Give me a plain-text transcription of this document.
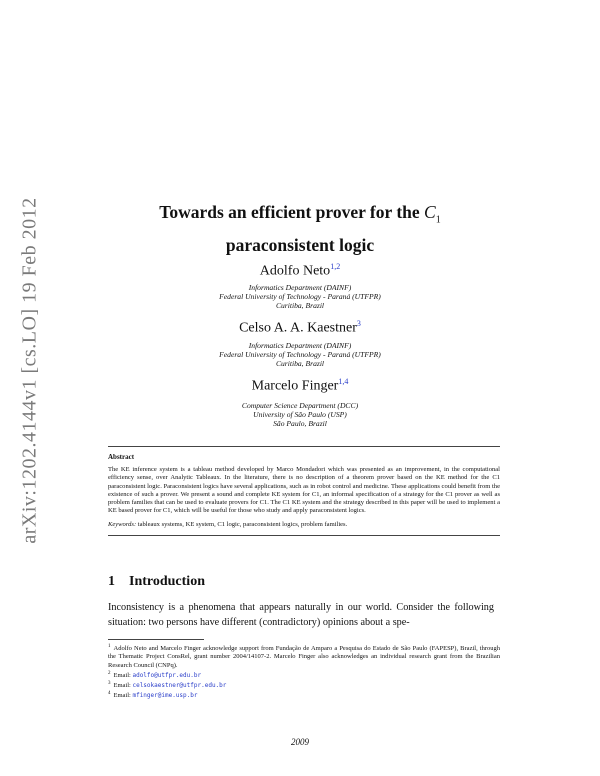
arXiv:1202.4144v1 [cs.LO] 19 Feb 2012	Towards an efficient prover for the $C_1$
paraconsistent logic
Adolfo Neto$^{1,2}$
Informatics Department (DAINF)
Federal University of Technology - Paraná (UTFPR)
Curitiba, Brazil
Celso A. A. Kaestner$^3$
Informatics Department (DAINF)
Federal University of Technology - Paraná (UTFPR)
Curitiba, Brazil
Marcelo Finger$^{1,4}$
Computer Science Department (DCC)
University of São Paulo (USP)
São Paulo, Brazil
Abstract

The KE inference system is a tableau method developed by Marco Mondadori which was presented as an improvement, in the computational efficiency sense, over Analytic Tableaux. In the literature, there is no description of a theorem prover based on the KE method for the C1 paraconsistent logic. Paraconsistent logics have several applications, such as in robot control and medicine. These applications could benefit from the existence of such a prover. We present a sound and complete KE system for C1, an informal specification of a strategy for the C1 prover as well as problem families that can be used to evaluate provers for C1. The C1 KE system and the strategy described in this paper will be used to implement a KE based prover for C1, which will be useful for those who study and apply paraconsistent logics.

Keywords: tableaux systems, KE system, C1 logic, paraconsistent logics, problem families.

1 Introduction
Inconsistency is a phenomena that appears naturally in our world. Consider the following situation: two persons have different (contradictory) opinions about a spe-

$^1$ Adolfo Neto and Marcelo Finger acknowledge support from Fundação de Amparo a Pesquisa do Estado de São Paulo (FAPESP), Brazil, through the Thematic Project ConsRel, grant number 2004/14107-2. Marcelo Finger also acknowledges an individual research grant from the Brazilian Research Council (CNPq).

$^2$ Email: adolfo@utfpr.edu.br

$^3$ Email: celsokaestner@utfpr.edu.br

$^4$ Email: mfinger@ime.usp.br

2009
